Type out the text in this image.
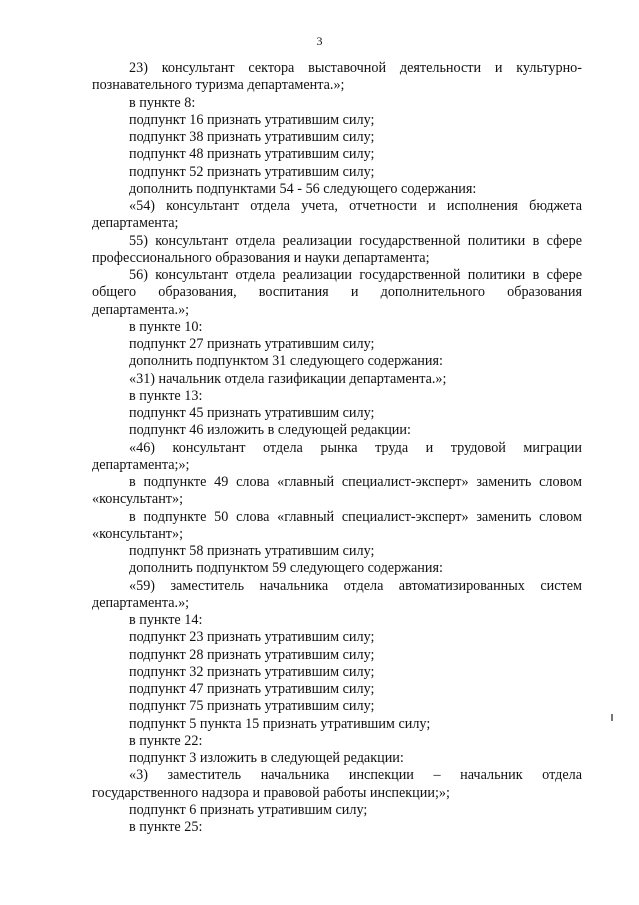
3

23) консультант сектора выставочной деятельности и культурно-познавательного туризма департамента.»;

в пункте 8:

подпункт 16 признать утратившим силу;

подпункт 38 признать утратившим силу;

подпункт 48 признать утратившим силу;

подпункт 52 признать утратившим силу;

дополнить подпунктами 54 - 56 следующего содержания:

«54) консультант отдела учета, отчетности и исполнения бюджета департамента;

55) консультант отдела реализации государственной политики в сфере профессионального образования и науки департамента;

56) консультант отдела реализации государственной политики в сфере общего образования, воспитания и дополнительного образования департамента.»;

в пункте 10:

подпункт 27 признать утратившим силу;

дополнить подпунктом 31 следующего содержания:

«31) начальник отдела газификации департамента.»;

в пункте 13:

подпункт 45 признать утратившим силу;

подпункт 46 изложить в следующей редакции:

«46) консультант отдела рынка труда и трудовой миграции департамента;»;

в подпункте 49 слова «главный специалист-эксперт» заменить словом «консультант»;

в подпункте 50 слова «главный специалист-эксперт» заменить словом «консультант»;

подпункт 58 признать утратившим силу;

дополнить подпунктом 59 следующего содержания:

«59) заместитель начальника отдела автоматизированных систем департамента.»;

в пункте 14:

подпункт 23 признать утратившим силу;

подпункт 28 признать утратившим силу;

подпункт 32 признать утратившим силу;

подпункт 47 признать утратившим силу;

подпункт 75 признать утратившим силу;

подпункт 5 пункта 15 признать утратившим силу;

в пункте 22:

подпункт 3 изложить в следующей редакции:

«3) заместитель начальника инспекции – начальник отдела государственного надзора и правовой работы инспекции;»;

подпункт 6 признать утратившим силу;

в пункте 25:
